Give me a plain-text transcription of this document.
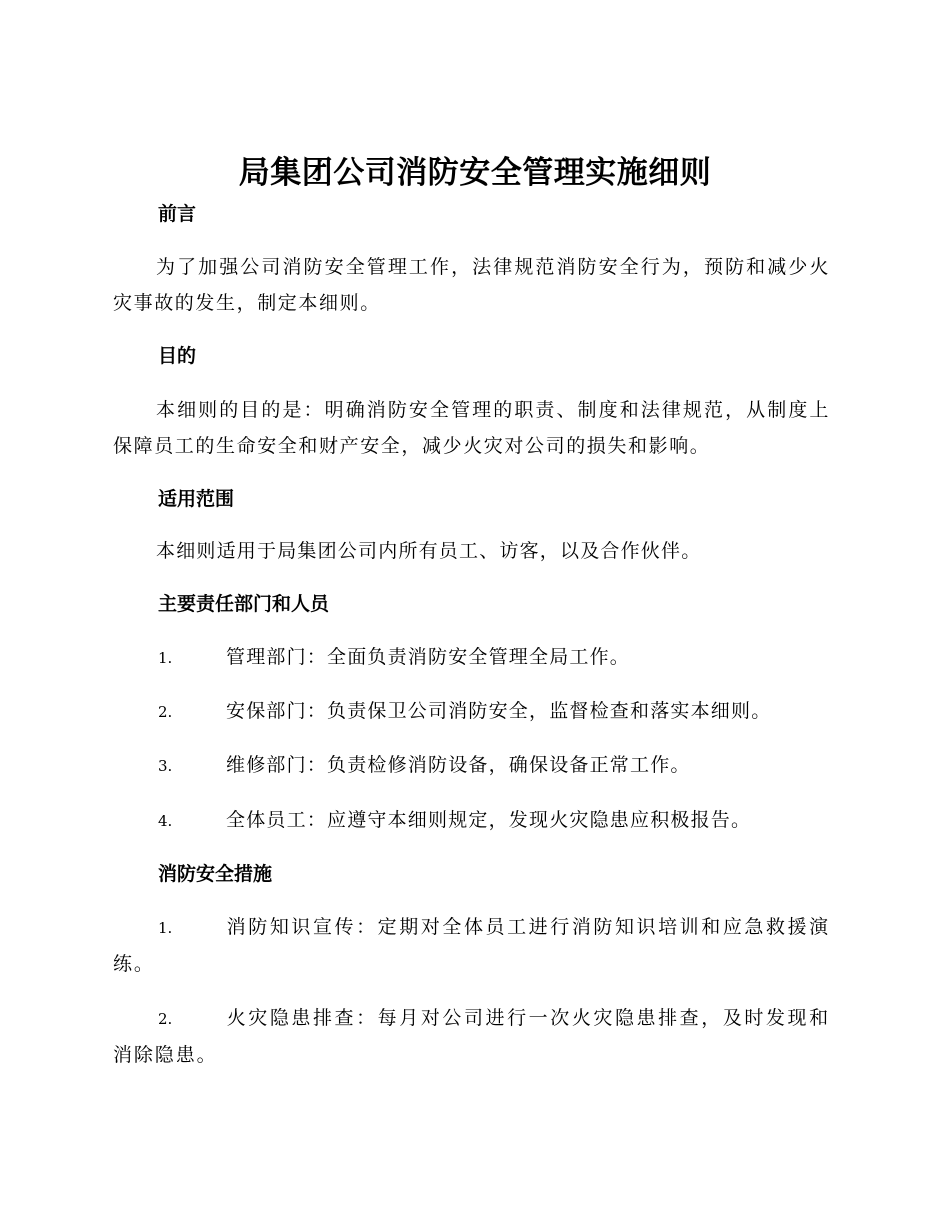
局集团公司消防安全管理实施细则
前言
为了加强公司消防安全管理工作，法律规范消防安全行为，预防和减少火灾事故的发生，制定本细则。
目的
本细则的目的是：明确消防安全管理的职责、制度和法律规范，从制度上保障员工的生命安全和财产安全，减少火灾对公司的损失和影响。
适用范围
本细则适用于局集团公司内所有员工、访客，以及合作伙伴。
主要责任部门和人员
1.	管理部门：全面负责消防安全管理全局工作。
2.	安保部门：负责保卫公司消防安全，监督检查和落实本细则。
3.	维修部门：负责检修消防设备，确保设备正常工作。
4.	全体员工：应遵守本细则规定，发现火灾隐患应积极报告。
消防安全措施
1.	消防知识宣传：定期对全体员工进行消防知识培训和应急救援演练。
2.	火灾隐患排查：每月对公司进行一次火灾隐患排查，及时发现和消除隐患。
